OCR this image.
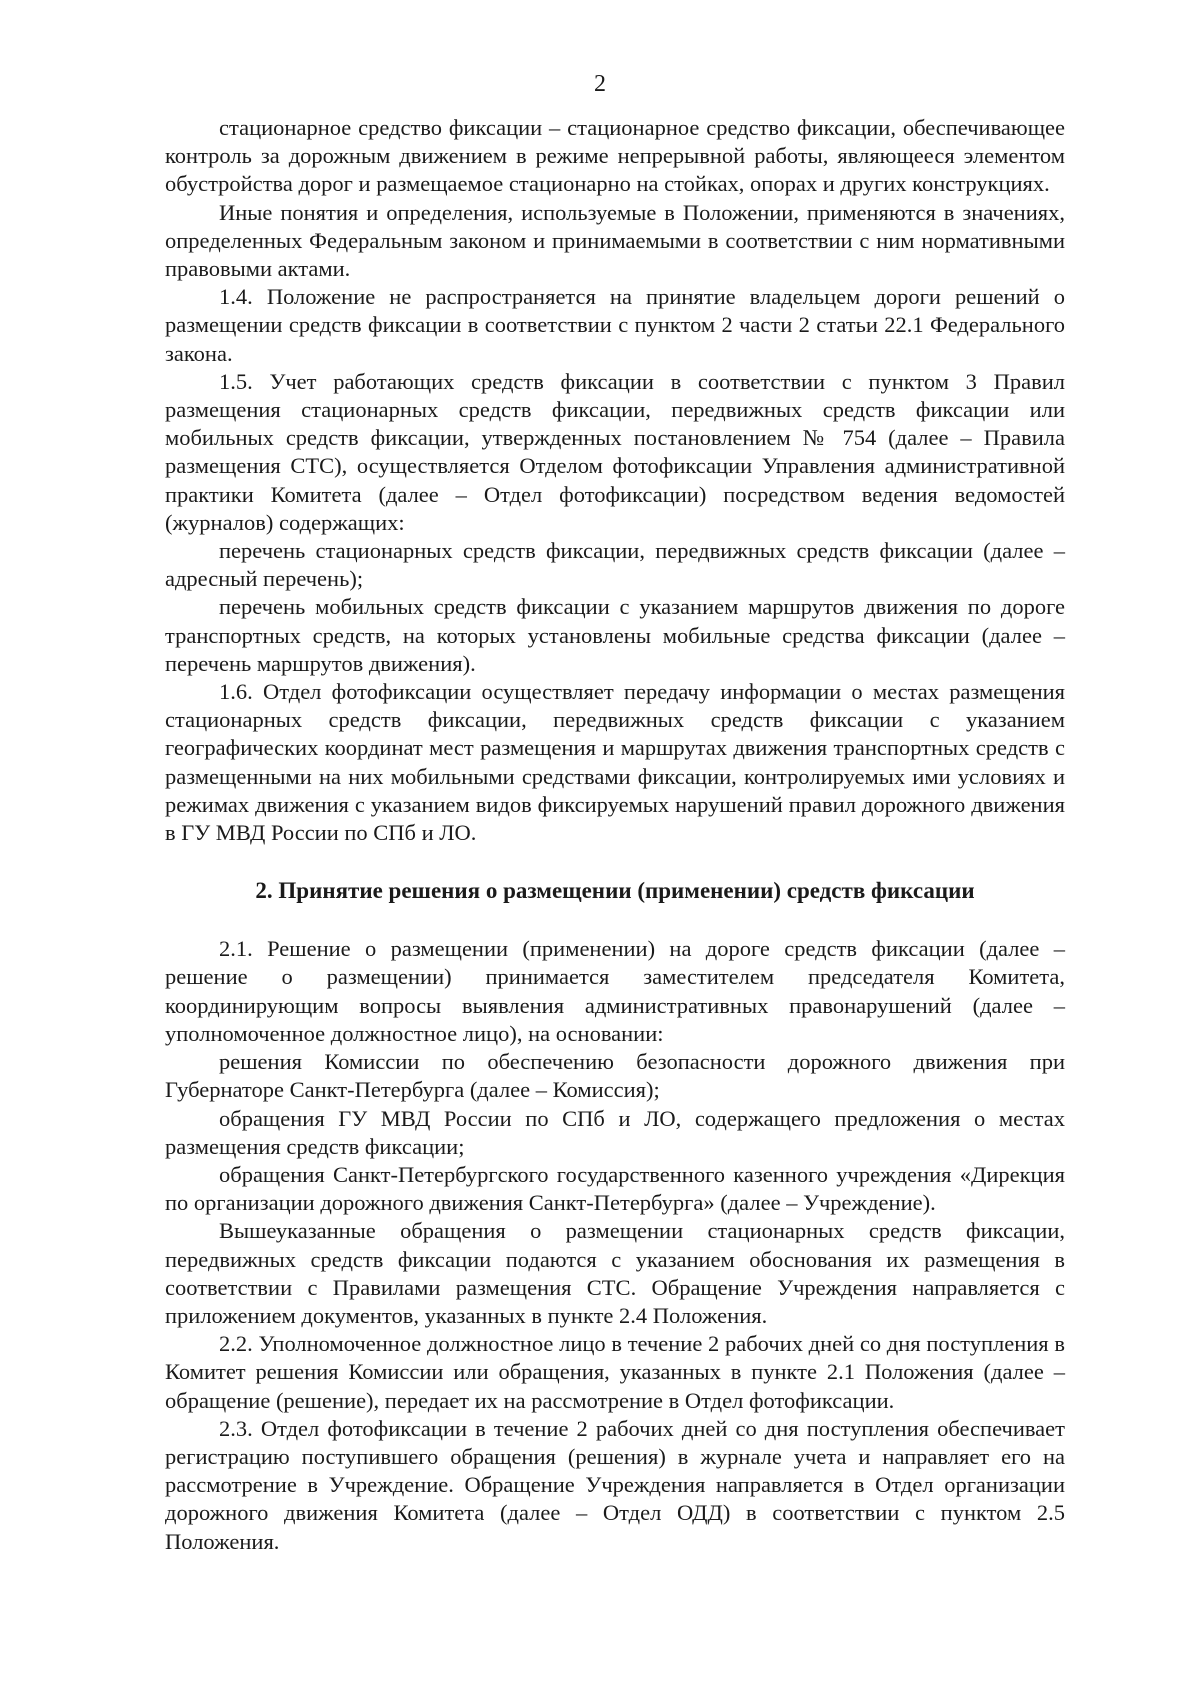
2

стационарное средство фиксации – стационарное средство фиксации, обеспечивающее контроль за дорожным движением в режиме непрерывной работы, являющееся элементом обустройства дорог и размещаемое стационарно на стойках, опорах и других конструкциях.

Иные понятия и определения, используемые в Положении, применяются в значениях, определенных Федеральным законом и принимаемыми в соответствии с ним нормативными правовыми актами.

1.4. Положение не распространяется на принятие владельцем дороги решений о размещении средств фиксации в соответствии с пунктом 2 части 2 статьи 22.1 Федерального закона.

1.5. Учет работающих средств фиксации в соответствии с пунктом 3 Правил размещения стационарных средств фиксации, передвижных средств фиксации или мобильных средств фиксации, утвержденных постановлением № 754 (далее – Правила размещения СТС), осуществляется Отделом фотофиксации Управления административной практики Комитета (далее – Отдел фотофиксации) посредством ведения ведомостей (журналов) содержащих:

перечень стационарных средств фиксации, передвижных средств фиксации (далее – адресный перечень);

перечень мобильных средств фиксации с указанием маршрутов движения по дороге транспортных средств, на которых установлены мобильные средства фиксации (далее – перечень маршрутов движения).

1.6. Отдел фотофиксации осуществляет передачу информации о местах размещения стационарных средств фиксации, передвижных средств фиксации с указанием географических координат мест размещения и маршрутах движения транспортных средств с размещенными на них мобильными средствами фиксации, контролируемых ими условиях и режимах движения с указанием видов фиксируемых нарушений правил дорожного движения в ГУ МВД России по СПб и ЛО.

2. Принятие решения о размещении (применении) средств фиксации

2.1. Решение о размещении (применении) на дороге средств фиксации (далее – решение о размещении) принимается заместителем председателя Комитета, координирующим вопросы выявления административных правонарушений (далее – уполномоченное должностное лицо), на основании:

решения Комиссии по обеспечению безопасности дорожного движения при Губернаторе Санкт-Петербурга (далее – Комиссия);

обращения ГУ МВД России по СПб и ЛО, содержащего предложения о местах размещения средств фиксации;

обращения Санкт-Петербургского государственного казенного учреждения «Дирекция по организации дорожного движения Санкт-Петербурга» (далее – Учреждение).

Вышеуказанные обращения о размещении стационарных средств фиксации, передвижных средств фиксации подаются с указанием обоснования их размещения в соответствии с Правилами размещения СТС. Обращение Учреждения направляется с приложением документов, указанных в пункте 2.4 Положения.

2.2. Уполномоченное должностное лицо в течение 2 рабочих дней со дня поступления в Комитет решения Комиссии или обращения, указанных в пункте 2.1 Положения (далее – обращение (решение), передает их на рассмотрение в Отдел фотофиксации.

2.3. Отдел фотофиксации в течение 2 рабочих дней со дня поступления обеспечивает регистрацию поступившего обращения (решения) в журнале учета и направляет его на рассмотрение в Учреждение. Обращение Учреждения направляется в Отдел организации дорожного движения Комитета (далее – Отдел ОДД) в соответствии с пунктом 2.5 Положения.
